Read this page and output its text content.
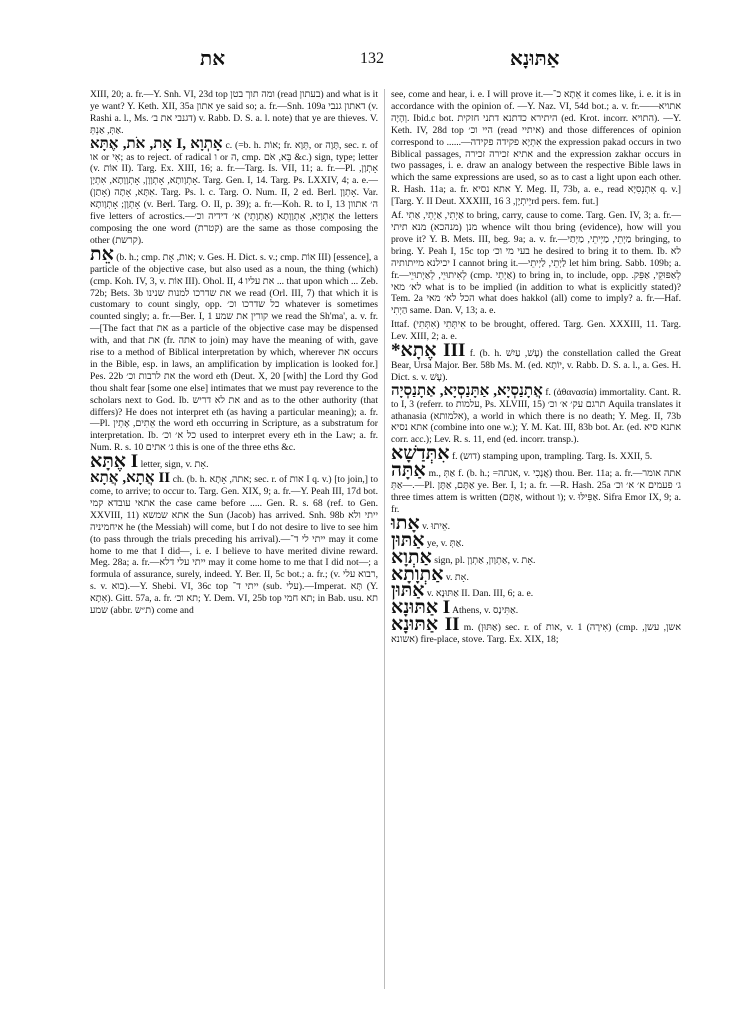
את	132	אַתּוּנָא

XIII, 20; a. fr.—Y. Snh. VI, 23d top ומה תוך בטן (read בעתון) and what is it ye want? Y. Keth. XII, 35a אתון ye said so; a. fr.—Snh. 109a דאתון גנבי (v. Rashi a. l., Ms. דגנבי את ב׳) v. Rabb. D. S. a. l. note) that ye are thieves. V. אַתְּ, אַנְתְּ.

אָת, אֹת, אֶתָּא I, אָתְוָא c. (=b. h. אוֹת; fr. תְּוָא, or תָּוָה, sec. r. of או or אִי; as to reject. of radical ו or ה, cmp. בֵּא, אֹם &c.) sign, type; letter (v. אוֹת II). Targ. Ex. XIII, 16; a. fr.—Targ. Is. VII, 11; a. fr.—Pl. אָתְוָן, אָתְוָותָא, אָתְוָוָן, אָתְוָוָתָא, אִתְיָן. Targ. Gen. I, 14. Targ. Ps. LXXIV, 4; a. e.—אִתָּא, אָתָה (אָתַן). Targ. Ps. l. c. Targ. O. Num. II, 2 ed. Berl. אָתְוָן. Var. אָתְוָן; אָתְוָותָא (v. Berl. Targ. O. II, p. 39); a. fr.—Koh. R. to I, 13 ה׳ אתוון five letters of acrostics.—אָתְוַיָּא, אָתְוָוָתָא (אַתְוָתֵי) א׳ דידיה וכ׳ the letters composing the one word (קטרת) are the same as those composing the other (קרשת).

אֵת (b. h.; cmp. אות, אָת; v. Ges. H. Dict. s. v.; cmp. אוֹת III) [essence], a particle of the objective case, but also used as a noun, the thing (which) (cmp. Koh. IV, 3, v. אוֹת III). Ohol. II, 4 את עליו ... that upon which ... Zeb. 72b; Bets. 3b את שדרכו למנות שנינו we read (Orl. III, 7) that which it is customary to count singly, opp. כל שדרכו וכ׳ whatever is sometimes counted singly; a. fr.—Ber. I, 1 קורין את שמע we read the Sh'ma', a. v. fr.—[The fact that את as a particle of the objective case may be dispensed with, and that את (fr. אתה to join) may have the meaning of with, gave rise to a method of Biblical interpretation by which, wherever את occurs in the Bible, esp. in laws, an amplification by implication is looked for.] Pes. 22b את לרבות וכ׳ the word eth (Deut. X, 20 [with] the Lord thy God thou shalt fear [some one else] intimates that we must pay reverence to the scholars next to God. Ib. את לא דריש and as to the other authority (that differs)? He does not interpret eth (as having a particular meaning); a. fr.—Pl. אֵתִים, אֶתְין the word eth occurring in Scripture, as a substratum for interpretation. Ib. כל א׳ וכ׳ used to interpret every eth in the Law; a. fr. Num. R. s. 10 ג׳ אתים this is one of the three eths &c.

אֶתָּא I letter, sign, v. אָת.

אֲתָא, אֲתָא II ch. (b. h. אתה, אָתָא; sec. r. of אות I q. v.) [to join,] to come, to arrive; to occur to. Targ. Gen. XIX, 9; a. fr.—Y. Peah III, 17d bot. אתאי עובדא קמי the case came before ..... Gen. R. s. 68 (ref. to Gen. XXVIII, 11) אתא שמשא the Sun (Jacob) has arrived. Snh. 98b ייתי ולא איחמיניה he (the Messiah) will come, but I do not desire to live to see him (to pass through the trials preceding his arrival).—ייתי לי ד־ may it come home to me that I did—, i. e. I believe to have merited divine reward. Meg. 28a; a. fr.—ייתי עלי דלא may it come home to me that I did not—; a formula of assurance, surely, indeed. Y. Ber. II, 5c bot.; a. fr.; (v. רבוא עלי, s. v. בוא).—Y. Shebi. VI, 36c top ייתי ד־ (sub. עלי).—Imperat. תָּא (Y. אִתָא). Gitt. 57a, a. fr. תא וכ׳; Y. Dem. VI, 25b top תא חמי; in Bab. usu. תא שמע (abbr. ת״ש) come and

see, come and hear, i. e. I will prove it.—אֵתָא כ־ it comes like, i. e. it is in accordance with the opinion of. —Y. Naz. VI, 54d bot.; a. v. fr.—אתויא—וְהָיָה. Ibid.c bot. היתירא כדתנא דתני חזקית (ed. Krot. incorr. התויא). —Y. Keth. IV, 28d top היי וכ׳ (read איתיי) and those differences of opinion correspond to ......—אִתְיָא פקידה פקידה the expression pakad occurs in two Biblical passages, אתיא זכירה זכירה and the expression zakhar occurs in two passages, i. e. draw an analogy between the respective Bible laws in which the same expressions are used, so as to cast a light upon each other. R. Hash. 11a; a. fr. אתא נסיא Y. Meg. II, 73b, a. e., read אִתְנְסִיָא q. v.] [Targ. Y. II Deut. XXXIII, 16 יֵיתְיָן, 3rd pers. fem. fut.]

Af. אַיְתִי, אַיְתֵי, אַתִי to bring, carry, cause to come. Targ. Gen. IV, 3; a. fr.—מנן (מנהכא) מנא תיתי whence wilt thou bring (evidence), how will you prove it? Y. B. Mets. III, beg. 9a; a. v. fr.—מַיְתֵי, מַיְיתֵי, מַיְתַי bringing, to bring. Y. Peah I, 15c top בעי מי וכ׳ he desired to bring it to them. Ib. לא יכילנא מייתותיה I cannot bring it.—לַיְתֵי, לַיְיתֵי let him bring. Sabb. 109b; a. fr.—לְאִיתוּיֵי, לְאַיְתוּיֵי (cmp. אַיְתֵי) to bring in, to include, opp. לְאַפּוּקֵי, אַפֵּק. לא׳ מאי what is to be implied (in addition to what is explicitly stated)? Tem. 2a הכל לא׳ מאי what does hakkol (all) come to imply? a. fr.—Haf. הַיְתִי same. Dan. V, 13; a. e.

Ittaf. אִיתְּתִי (אִתְּתִי) to be brought, offered. Targ. Gen. XXXIII, 11. Targ. Lev. XIII, 2; a. e.

*אֶתָא III f. (b. h. עָשׁ, עַיִשׁ) the constellation called the Great Bear, Ursa Major. Ber. 58b Ms. M. (ed. יוֹתָא, v. Rabb. D. S. a. l., a. Ges. H. Dict. s. v. עָשׁ).

אֲתָנַסְיָא, אַתָּנַסְיָא, אַתָנַסְיָה f. (ἀθανασία) immortality. Cant. R. to I, 3 (referr. to עלמות, Ps. XLVIII, 15) תרגם עק׳ א׳ וכ׳ Aquila translates it athanasia (אלמותא), a world in which there is no death; Y. Meg. II, 73b אתא נסיא (combine into one w.); Y. M. Kat. III, 83b bot. Ar. (ed. אתנא סיא corr. acc.); Lev. R. s. 11, end (ed. incorr. transp.).

אִתְּדַשָׁא f. (דוש) stamping upon, trampling. Targ. Is. XXII, 5.

אַתָּה m., אַתְּ f. (b. h.; =אנתה, v. אֲנָכִי) thou. Ber. 11a; a. fr.—אתה אומר—אַתְּ.—Pl. אַתֶּם, אַתֶּן ye. Ber. I, 1; a. fr. —R. Hash. 25a ג׳ פעמים א׳ א׳ וכ׳ three times attem is written (אַתֶּם, without ו); v. אַפִּילּוּ. Sifra Emor IX, 9; a. fr.

אָתוּ v. אֵיתוּ.

אַתּוּן ye, v. אַתְּ.

אַתְוָא sign, pl. אַתְוָון, אַתְוָן, v. אָת.

אַתְוָתָא v. אָת.

אַתּוּן v. אַתּוּנָא II. Dan. III, 6; a. e.

אַתּוּנָא I Athens, v. אַתִּינָס.

אַתּוּנָא II m. (אַתּוּן) sec. r. of אות, v. אִירָה) 1) (cmp. אשן, עשן, אשונא) fire-place, stove. Targ. Ex. XIX, 18;
